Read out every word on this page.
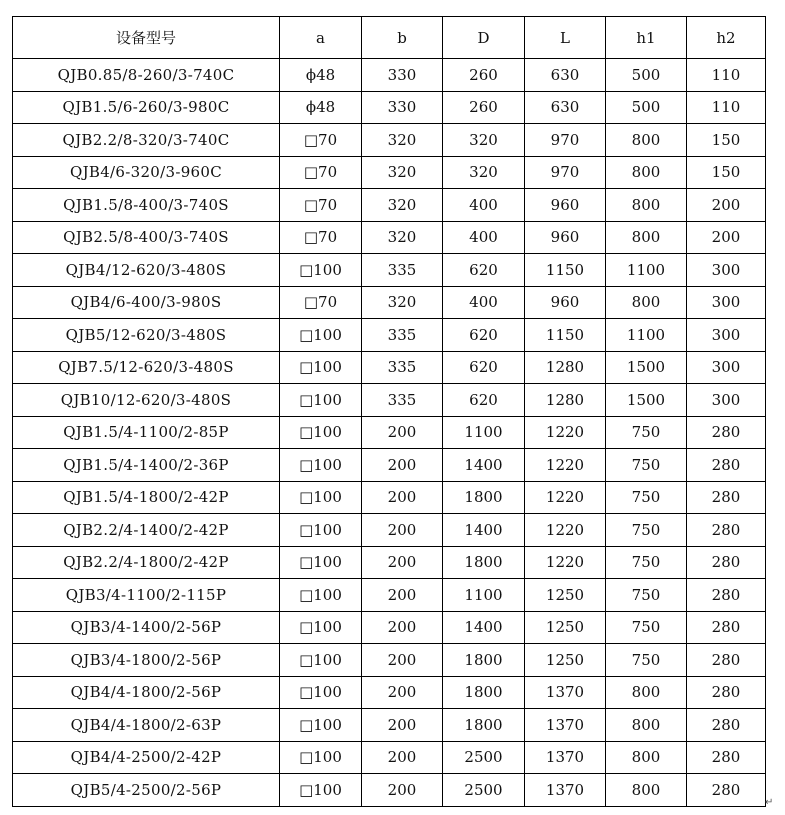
设备型号	a	b	D	L	h1	h2
QJB0.85/8-260/3-740C	ϕ48	330	260	630	500	110
QJB1.5/6-260/3-980C	ϕ48	330	260	630	500	110
QJB2.2/8-320/3-740C	□70	320	320	970	800	150
QJB4/6-320/3-960C	□70	320	320	970	800	150
QJB1.5/8-400/3-740S	□70	320	400	960	800	200
QJB2.5/8-400/3-740S	□70	320	400	960	800	200
QJB4/12-620/3-480S	□100	335	620	1150	1100	300
QJB4/6-400/3-980S	□70	320	400	960	800	300
QJB5/12-620/3-480S	□100	335	620	1150	1100	300
QJB7.5/12-620/3-480S	□100	335	620	1280	1500	300
QJB10/12-620/3-480S	□100	335	620	1280	1500	300
QJB1.5/4-1100/2-85P	□100	200	1100	1220	750	280
QJB1.5/4-1400/2-36P	□100	200	1400	1220	750	280
QJB1.5/4-1800/2-42P	□100	200	1800	1220	750	280
QJB2.2/4-1400/2-42P	□100	200	1400	1220	750	280
QJB2.2/4-1800/2-42P	□100	200	1800	1220	750	280
QJB3/4-1100/2-115P	□100	200	1100	1250	750	280
QJB3/4-1400/2-56P	□100	200	1400	1250	750	280
QJB3/4-1800/2-56P	□100	200	1800	1250	750	280
QJB4/4-1800/2-56P	□100	200	1800	1370	800	280
QJB4/4-1800/2-63P	□100	200	1800	1370	800	280
QJB4/4-2500/2-42P	□100	200	2500	1370	800	280
QJB5/4-2500/2-56P	□100	200	2500	1370	800	280
↵
